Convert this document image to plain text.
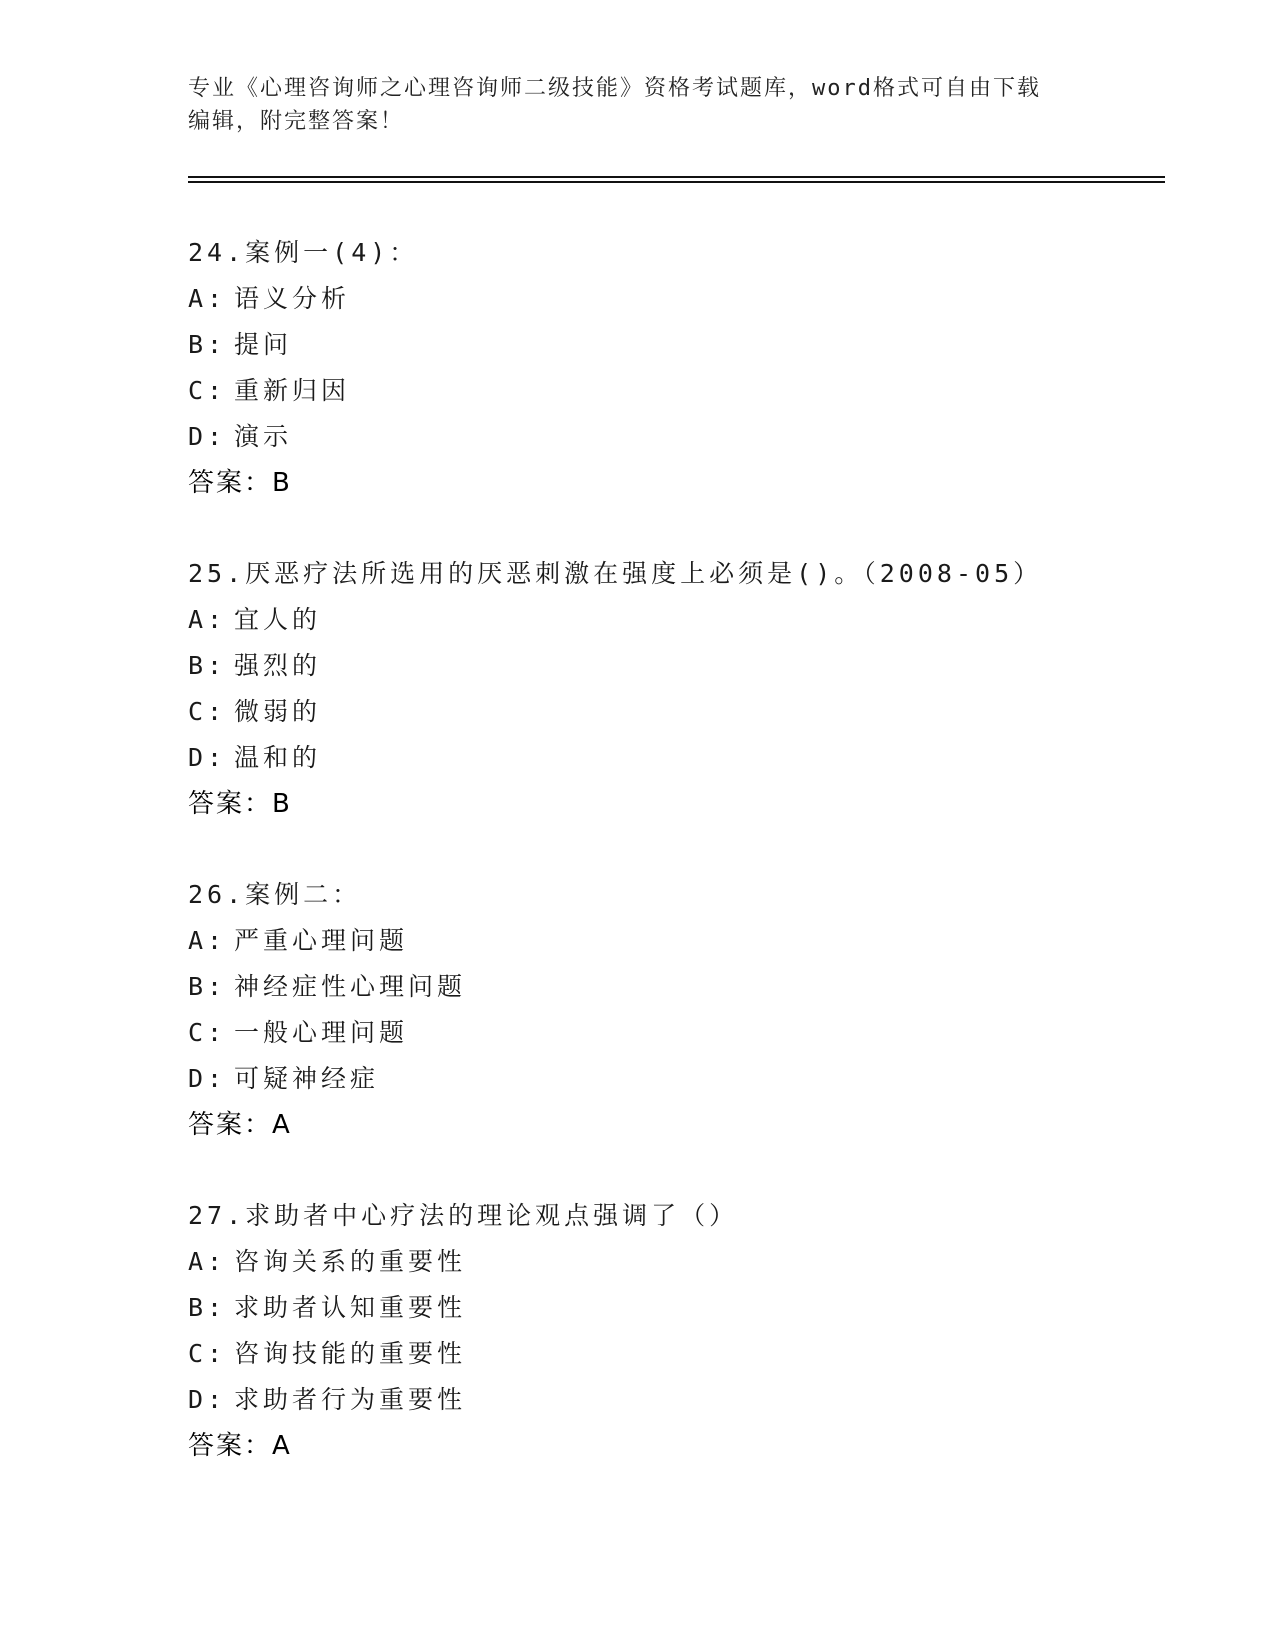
专业《心理咨询师之心理咨询师二级技能》资格考试题库，word格式可自由下载
编辑，附完整答案！
24.案例一(4)：
A: 语义分析
B: 提问
C: 重新归因
D: 演示
答案：B
25.厌恶疗法所选用的厌恶刺激在强度上必须是()。（2008-05）
A: 宜人的
B: 强烈的
C: 微弱的
D: 温和的
答案：B
26.案例二：
A: 严重心理问题
B: 神经症性心理问题
C: 一般心理问题
D: 可疑神经症
答案：A
27.求助者中心疗法的理论观点强调了（）
A: 咨询关系的重要性
B: 求助者认知重要性
C: 咨询技能的重要性
D: 求助者行为重要性
答案：A
